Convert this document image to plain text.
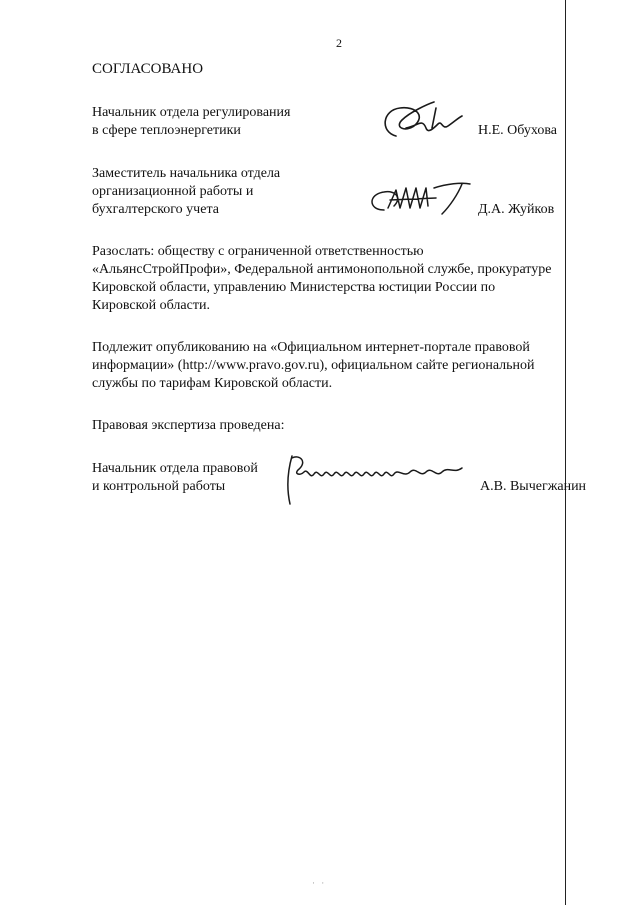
2
СОГЛАСОВАНО
Начальник отдела регулирования
в сфере теплоэнергетики	Н.Е. Обухова
Заместитель начальника отдела
организационной работы и
бухгалтерского учета	Д.А. Жуйков
Разослать: обществу с ограниченной ответственностью
«АльянсСтройПрофи», Федеральной антимонопольной службе, прокуратуре
Кировской области, управлению Министерства юстиции России по
Кировской области.
Подлежит опубликованию на «Официальном интернет-портале правовой
информации» (http://www.pravo.gov.ru), официальном сайте региональной
службы по тарифам Кировской области.
Правовая экспертиза проведена:
Начальник отдела правовой
и контрольной работы	А.В. Вычегжанин
· ·
